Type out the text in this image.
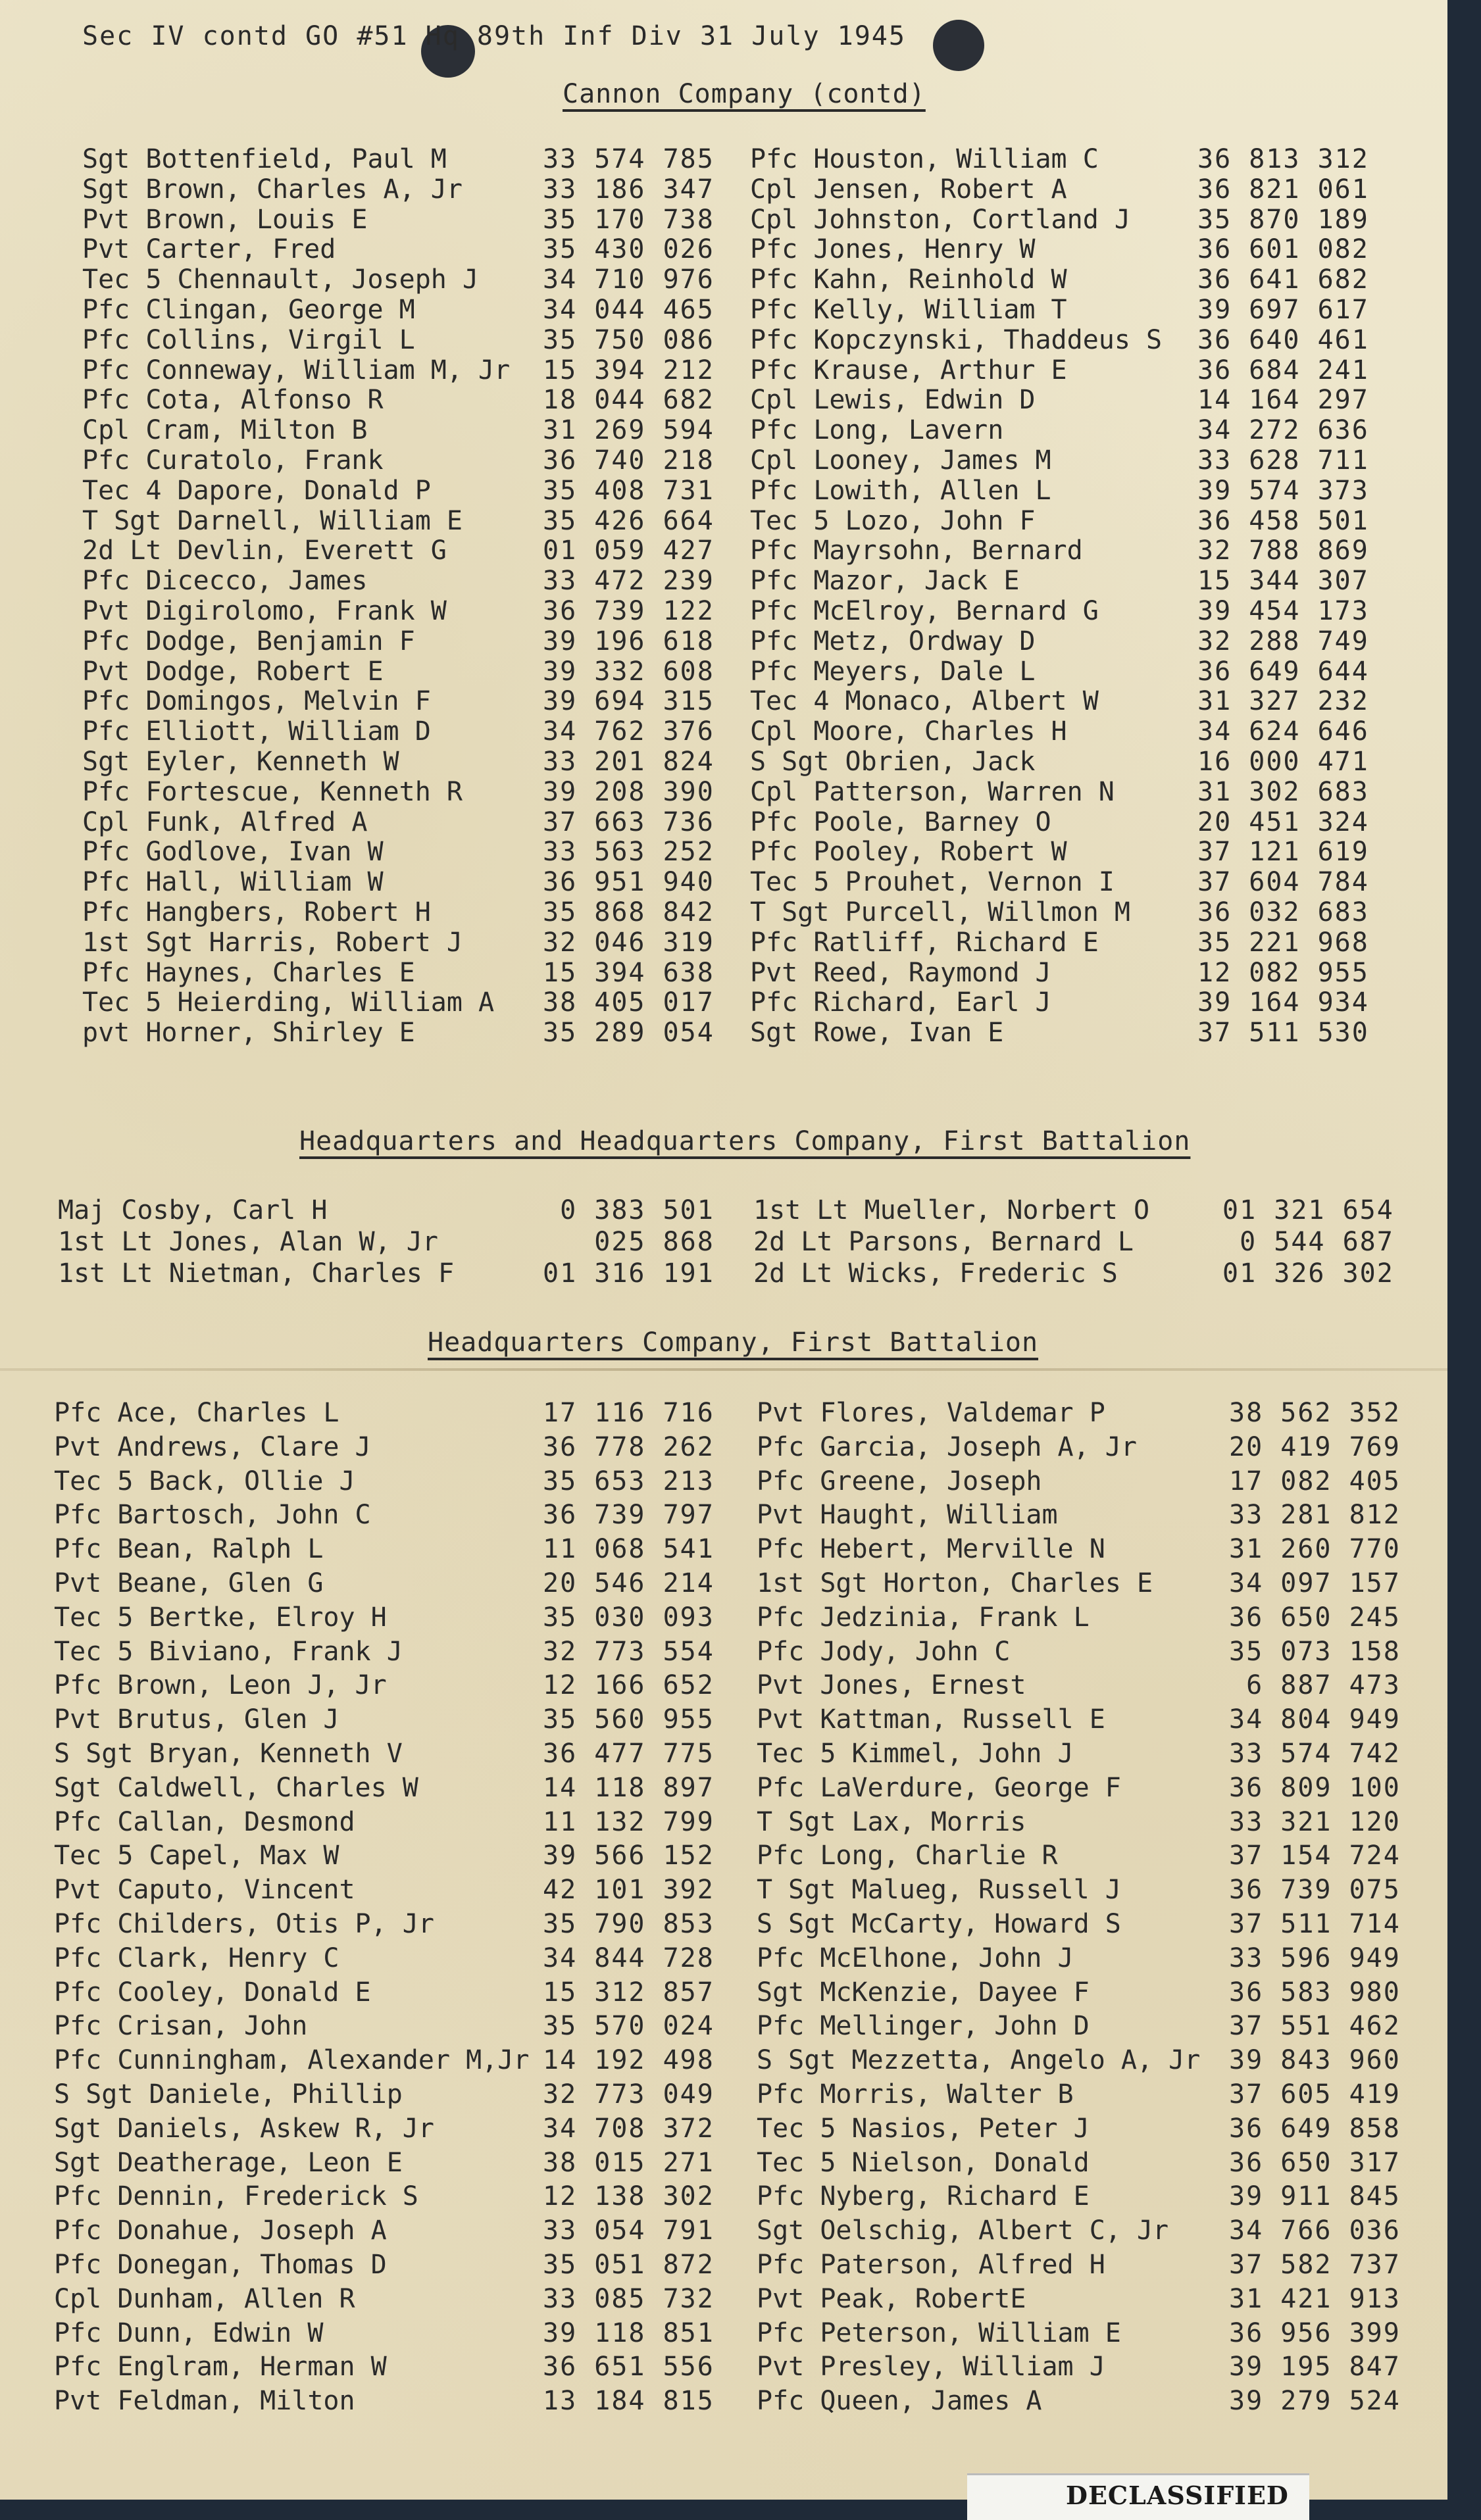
Sec IV contd GO #51 Hq 89th Inf Div 31 July 1945
Cannon Company (contd)
Headquarters and Headquarters Company, First Battalion
Headquarters Company, First Battalion
Sgt Bottenfield, Paul M	33 574 785
Sgt Brown, Charles A, Jr	33 186 347
Pvt Brown, Louis E	35 170 738
Pvt Carter, Fred	35 430 026
Tec 5 Chennault, Joseph J 34 710 976
Pfc Clingan, George M	34 044 465
Pfc Collins, Virgil L	35 750 086
Pfc Conneway, William M, Jr 15 394 212
Pfc Cota, Alfonso R	18 044 682
Cpl Cram, Milton B	31 269 594
Pfc Curatolo, Frank	36 740 218
Tec 4 Dapore, Donald P	35 408 731
T Sgt Darnell, William E	35 426 664
2d Lt Devlin, Everett G	01 059 427
Pfc Dicecco, James	33 472 239
Pvt Digirolomo, Frank W	36 739 122
Pfc Dodge, Benjamin F	39 196 618
Pvt Dodge, Robert E	39 332 608
Pfc Domingos, Melvin F	39 694 315
Pfc Elliott, William D	34 762 376
Sgt Eyler, Kenneth W	33 201 824
Pfc Fortescue, Kenneth R	39 208 390
Cpl Funk, Alfred A	37 663 736
Pfc Godlove, Ivan W	33 563 252
Pfc Hall, William W	36 951 940
Pfc Hangbers, Robert H	35 868 842
1st Sgt Harris, Robert J	32 046 319
Pfc Haynes, Charles E	15 394 638
Tec 5 Heierding, William A 38 405 017
pvt Horner, Shirley E	35 289 054
Pfc Houston, William C	36 813 312
Cpl Jensen, Robert A	36 821 061
Cpl Johnston, Cortland J	35 870 189
Pfc Jones, Henry W	36 601 082
Pfc Kahn, Reinhold W	36 641 682
Pfc Kelly, William T	39 697 617
Pfc Kopczynski, Thaddeus S 36 640 461
Pfc Krause, Arthur E	36 684 241
Cpl Lewis, Edwin D	14 164 297
Pfc Long, Lavern	34 272 636
Cpl Looney, James M	33 628 711
Pfc Lowith, Allen L	39 574 373
Tec 5 Lozo, John F	36 458 501
Pfc Mayrsohn, Bernard	32 788 869
Pfc Mazor, Jack E	15 344 307
Pfc McElroy, Bernard G	39 454 173
Pfc Metz, Ordway D	32 288 749
Pfc Meyers, Dale L	36 649 644
Tec 4 Monaco, Albert W	31 327 232
Cpl Moore, Charles H	34 624 646
S Sgt Obrien, Jack	16 000 471
Cpl Patterson, Warren N	31 302 683
Pfc Poole, Barney O	20 451 324
Pfc Pooley, Robert W	37 121 619
Tec 5 Prouhet, Vernon I	37 604 784
T Sgt Purcell, Willmon M	36 032 683
Pfc Ratliff, Richard E	35 221 968
Pvt Reed, Raymond J	12 082 955
Pfc Richard, Earl J	39 164 934
Sgt Rowe, Ivan E	37 511 530
Maj Cosby, Carl H	0 383 501
1st Lt Jones, Alan W, Jr	025 868
1st Lt Nietman, Charles F	01 316 191
1st Lt Mueller, Norbert O	01 321 654
2d Lt Parsons, Bernard L	0 544 687
2d Lt Wicks, Frederic S	01 326 302
Pfc Ace, Charles L	17 116 716
Pvt Andrews, Clare J	36 778 262
Tec 5 Back, Ollie J	35 653 213
Pfc Bartosch, John C	36 739 797
Pfc Bean, Ralph L	11 068 541
Pvt Beane, Glen G	20 546 214
Tec 5 Bertke, Elroy H	35 030 093
Tec 5 Biviano, Frank J	32 773 554
Pfc Brown, Leon J, Jr	12 166 652
Pvt Brutus, Glen J	35 560 955
S Sgt Bryan, Kenneth V	36 477 775
Sgt Caldwell, Charles W	14 118 897
Pfc Callan, Desmond	11 132 799
Tec 5 Capel, Max W	39 566 152
Pvt Caputo, Vincent	42 101 392
Pfc Childers, Otis P, Jr	35 790 853
Pfc Clark, Henry C	34 844 728
Pfc Cooley, Donald E	15 312 857
Pfc Crisan, John	35 570 024
Pfc Cunningham, Alexander M,Jr 14 192 498
S Sgt Daniele, Phillip	32 773 049
Sgt Daniels, Askew R, Jr	34 708 372
Sgt Deatherage, Leon E	38 015 271
Pfc Dennin, Frederick S	12 138 302
Pfc Donahue, Joseph A	33 054 791
Pfc Donegan, Thomas D	35 051 872
Cpl Dunham, Allen R	33 085 732
Pfc Dunn, Edwin W	39 118 851
Pfc Englram, Herman W	36 651 556
Pvt Feldman, Milton	13 184 815
Pvt Flores, Valdemar P	38 562 352
Pfc Garcia, Joseph A, Jr	20 419 769
Pfc Greene, Joseph	17 082 405
Pvt Haught, William	33 281 812
Pfc Hebert, Merville N	31 260 770
1st Sgt Horton, Charles E	34 097 157
Pfc Jedzinia, Frank L	36 650 245
Pfc Jody, John C	35 073 158
Pvt Jones, Ernest	6 887 473
Pvt Kattman, Russell E	34 804 949
Tec 5 Kimmel, John J	33 574 742
Pfc LaVerdure, George F	36 809 100
T Sgt Lax, Morris	33 321 120
Pfc Long, Charlie R	37 154 724
T Sgt Malueg, Russell J	36 739 075
S Sgt McCarty, Howard S	37 511 714
Pfc McElhone, John J	33 596 949
Sgt McKenzie, Dayee F	36 583 980
Pfc Mellinger, John D	37 551 462
S Sgt Mezzetta, Angelo A, Jr 39 843 960
Pfc Morris, Walter B	37 605 419
Tec 5 Nasios, Peter J	36 649 858
Tec 5 Nielson, Donald	36 650 317
Pfc Nyberg, Richard E	39 911 845
Sgt Oelschig, Albert C, Jr 34 766 036
Pfc Paterson, Alfred H	37 582 737
Pvt Peak, RobertE	31 421 913
Pfc Peterson, William E	36 956 399
Pvt Presley, William J	39 195 847
Pfc Queen, James A	39 279 524
DECLASSIFIED
